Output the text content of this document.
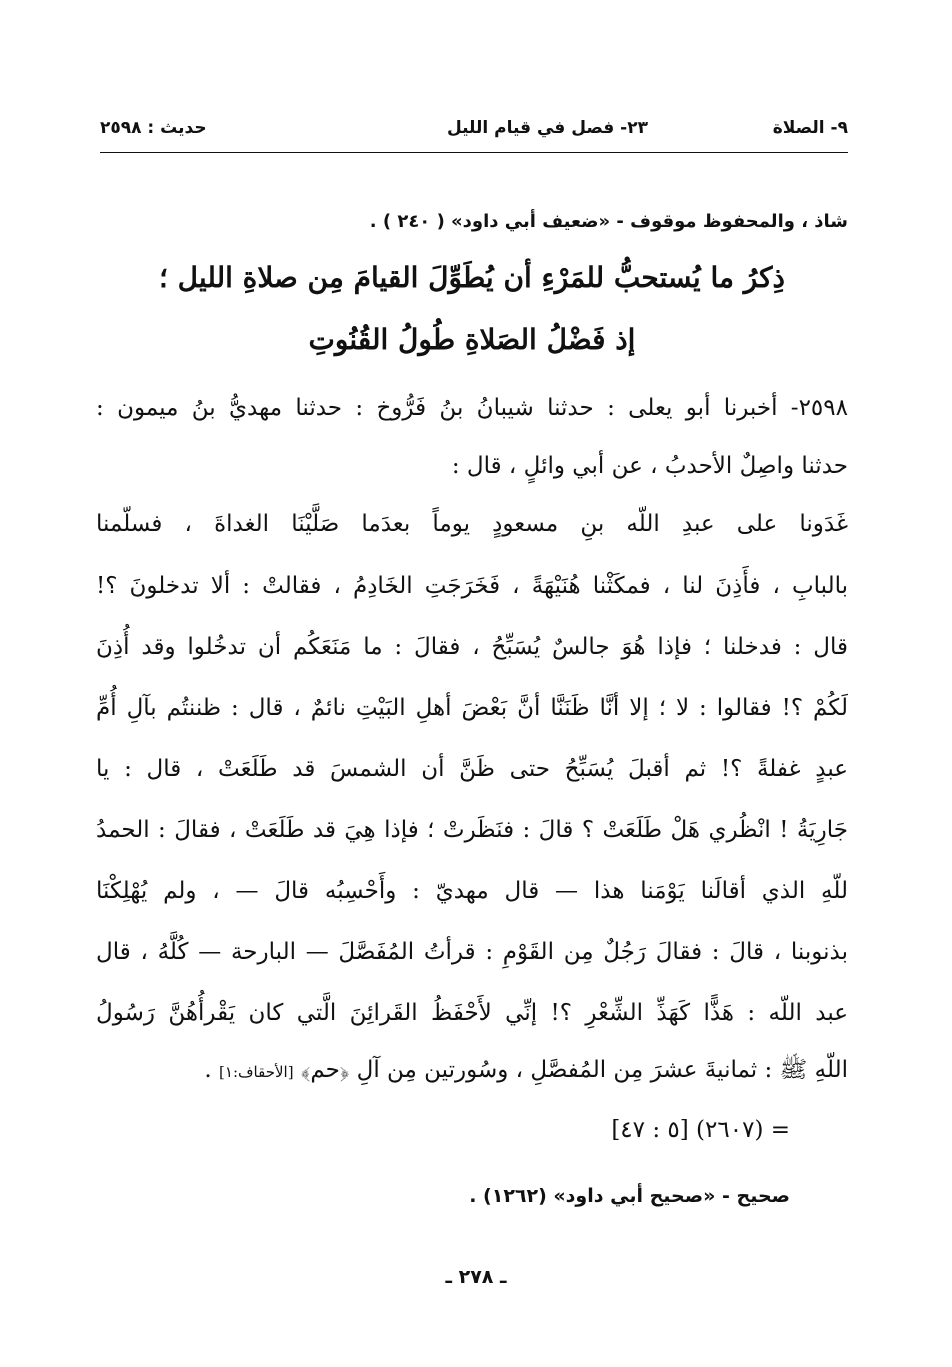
٩- الصلاة
٢٣- فصل في قيام الليل
حديث : ٢٥٩٨
شاذ ، والمحفوظ موقوف - «ضعيف أبي داود» ( ٢٤٠ ) .
ذِكرُ ما يُستحبُّ للمَرْءِ أن يُطَوِّلَ القيامَ مِن صلاةِ الليل ؛
إذ فَضْلُ الصَلاةِ طُولُ القُنُوتِ
٢٥٩٨- أخبرنا أبو يعلى : حدثنا شيبانُ بنُ فَرُّوخ : حدثنا مهديُّ بنُ ميمون :
حدثنا واصِلٌ الأحدبُ ، عن أبي وائلٍ ، قال :
غَدَونا على عبدِ اللّه بنِ مسعودٍ يوماً بعدَما صَلَّيْنَا الغداةَ ، فسلّمنا
بالبابِ ، فأَذِنَ لنا ، فمكَثْنا هُنَيْهَةً ، فَخَرَجَتِ الخَادِمُ ، فقالتْ : ألا تدخلونَ ؟!
قال : فدخلنا ؛ فإذا هُوَ جالسٌ يُسَبِّحُ ، فقالَ : ما مَنَعَكُم أن تدخُلوا وقد أُذِنَ
لَكُمْ ؟! فقالوا : لا ؛ إلا أنَّا ظَنَنَّا أنَّ بَعْضَ أهلِ البَيْتِ نائمٌ ، قال : ظننتُم بآلِ أُمِّ
عبدٍ غفلةً ؟! ثم أقبلَ يُسَبِّحُ حتى ظَنَّ أن الشمسَ قد طَلَعَتْ ، قال : يا
جَارِيَةُ ! انْظُري هَلْ طَلَعَتْ ؟ قالَ : فنَظَرتْ ؛ فإذا هِيَ قد طَلَعَتْ ، فقالَ : الحمدُ
للّهِ الذي أقالَنا يَوْمَنا هذا — قال مهديّ : وأَحْسِبُه قالَ — ، ولم يُهْلِكْنَا
بذنوبنا ، قالَ : فقالَ رَجُلٌ مِن القَوْمِ : قرأتُ المُفَصَّلَ — البارحة — كُلَّهُ ، قال
عبد اللّه : هَذًّا كَهَذِّ الشِّعْرِ ؟! إنِّي لأَحْفَظُ القَرائِنَ الَّتي كان يَقْرأُهُنَّ رَسُولُ
اللّهِ ﷺ : ثمانيةَ عشرَ مِن المُفصَّلِ ، وسُورتين مِن آلِ ﴿حم﴾ [الأحقاف:١] .
= (٢٦٠٧) [٥ : ٤٧]
صحيح - «صحيح أبي داود» (١٢٦٢) .
ـ ٢٧٨ ـ
